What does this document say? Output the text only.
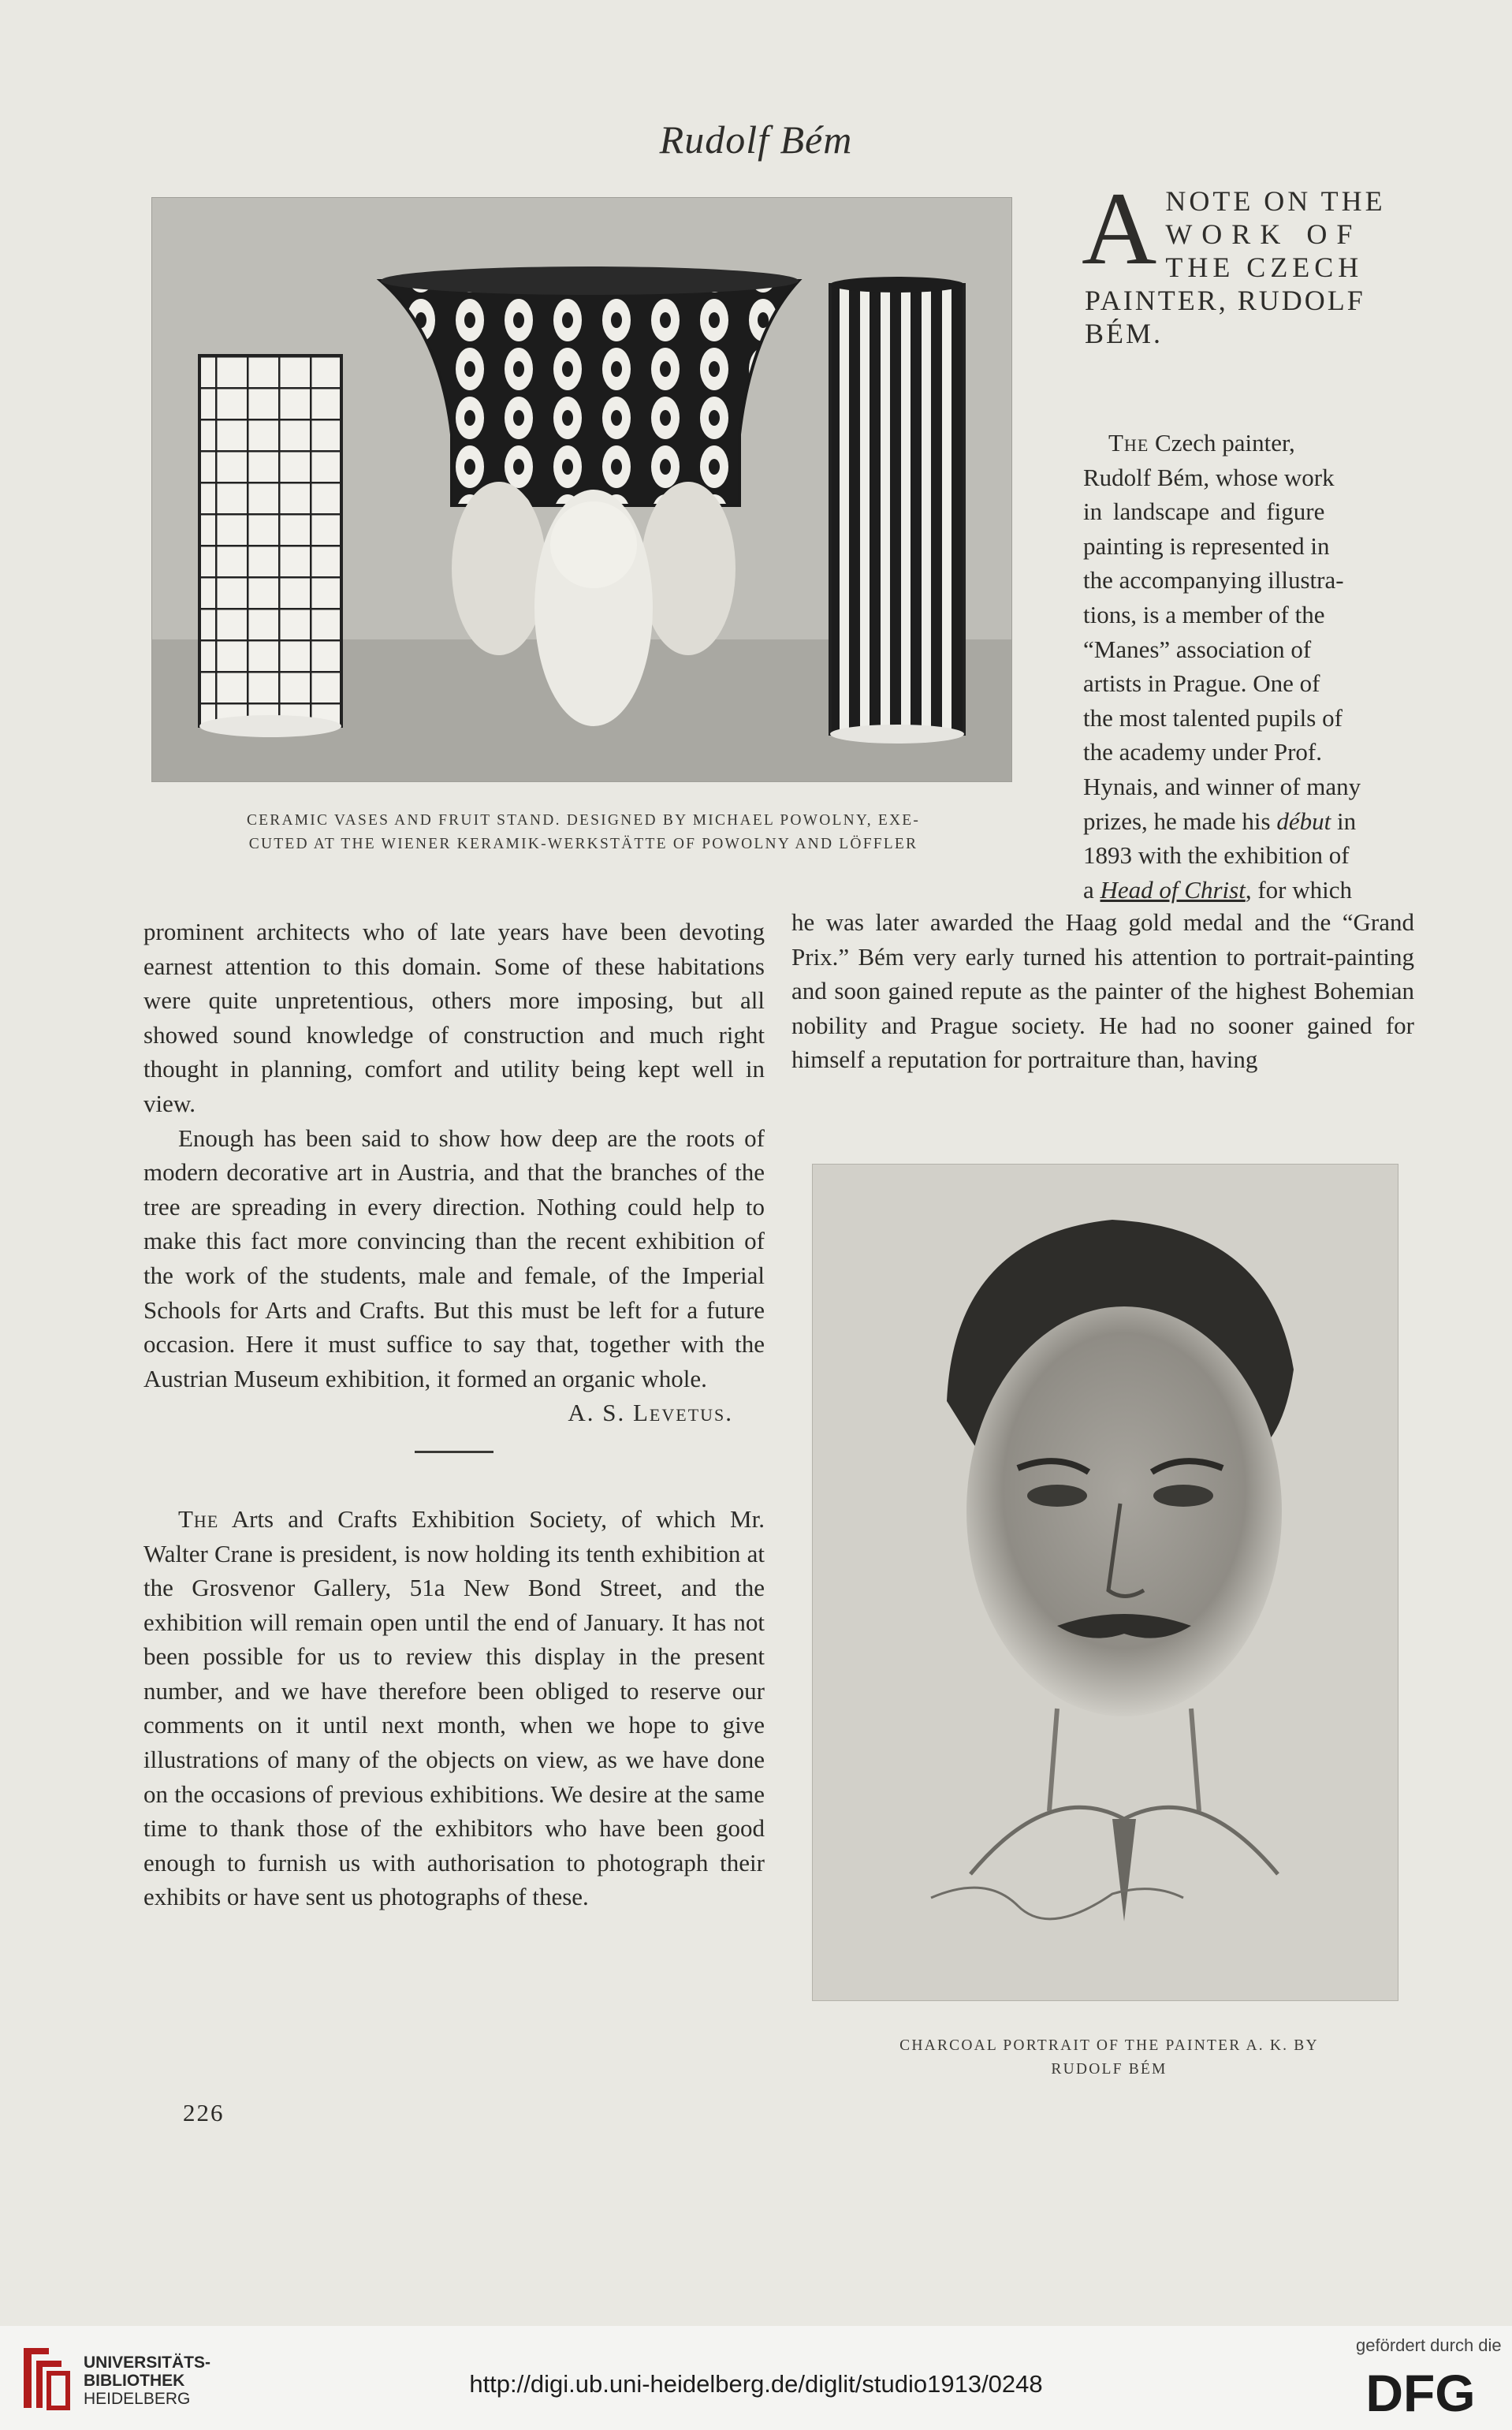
Rudolf Bém
CERAMIC VASES AND FRUIT STAND. DESIGNED BY MICHAEL POWOLNY, EXE-
CUTED AT THE WIENER KERAMIK-WERKSTÄTTE OF POWOLNY AND LÖFFLER
A NOTE ON THE
WORK OF
THE CZECH
PAINTER, RUDOLF
BÉM.
The Czech painter,
Rudolf Bém, whose work
in landscape and figure
painting is represented in
the accompanying illustra-
tions, is a member of the
“Manes” association of
artists in Prague. One of
the most talented pupils of
the academy under Prof.
Hynais, and winner of many
prizes, he made his début in
1893 with the exhibition of
a Head of Christ, for which

he was later awarded the Haag gold medal and the “Grand Prix.” Bém very early turned his attention to portrait-painting and soon gained repute as the painter of the highest Bohemian nobility and Prague society. He had no sooner gained for himself a reputation for portraiture than, having

prominent architects who of late years have been devoting earnest attention to this domain. Some of these habitations were quite unpretentious, others more imposing, but all showed sound knowledge of construction and much right thought in planning, comfort and utility being kept well in view.

Enough has been said to show how deep are the roots of modern decorative art in Austria, and that the branches of the tree are spreading in every direction. Nothing could help to make this fact more convincing than the recent exhibition of the work of the students, male and female, of the Imperial Schools for Arts and Crafts. But this must be left for a future occasion. Here it must suffice to say that, together with the Austrian Museum exhibition, it formed an organic whole.

A. S. Levetus.

The Arts and Crafts Exhibition Society, of which Mr. Walter Crane is president, is now holding its tenth exhibition at the Grosvenor Gallery, 51a New Bond Street, and the exhibition will remain open until the end of January. It has not been possible for us to review this display in the present number, and we have therefore been obliged to reserve our comments on it until next month, when we hope to give illustrations of many of the objects on view, as we have done on the occasions of previous exhibitions. We desire at the same time to thank those of the exhibitors who have been good enough to furnish us with authorisation to photograph their exhibits or have sent us photographs of these.

CHARCOAL PORTRAIT OF THE PAINTER A. K. BY
RUDOLF BÉM
226
UNIVERSITÄTS-
BIBLIOTHEK
HEIDELBERG
http://digi.ub.uni-heidelberg.de/diglit/studio1913/0248
gefördert durch die
DFG
